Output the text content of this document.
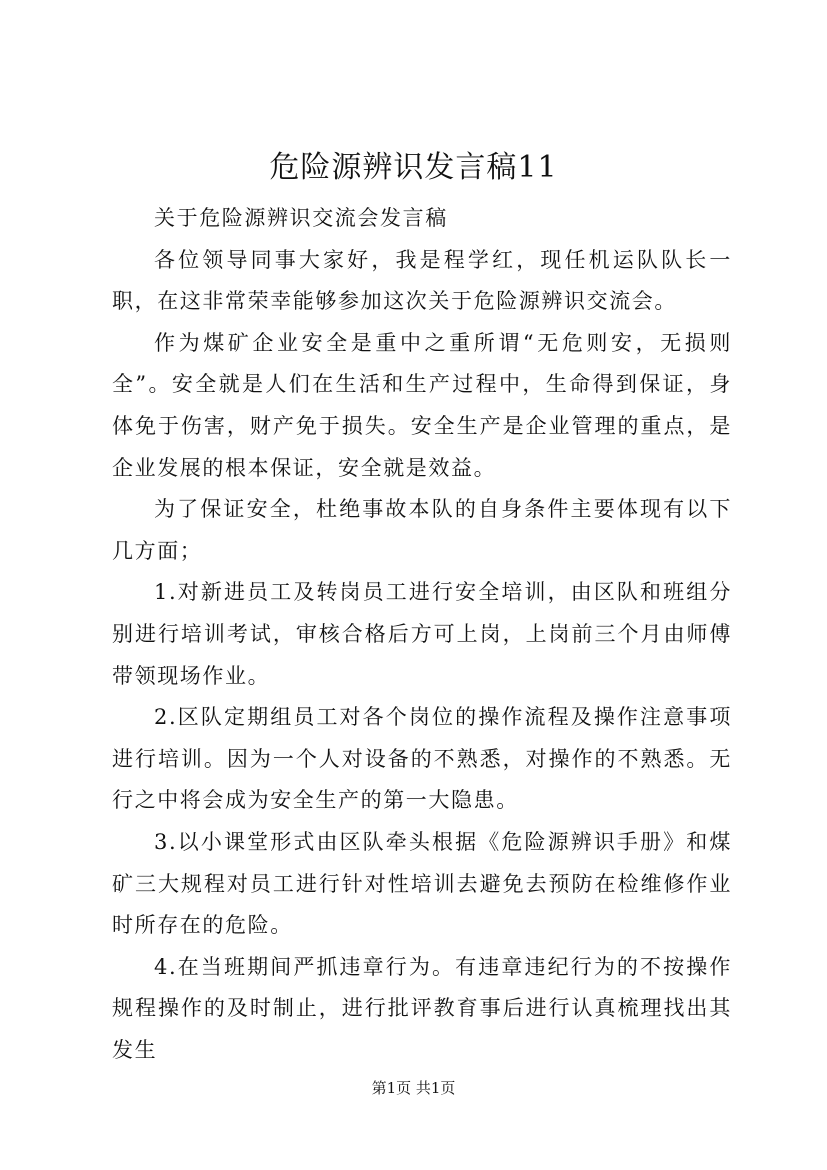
危险源辨识发言稿11

关于危险源辨识交流会发言稿

各位领导同事大家好，我是程学红，现任机运队队长一职，在这非常荣幸能够参加这次关于危险源辨识交流会。

作为煤矿企业安全是重中之重所谓“无危则安，无损则全”。安全就是人们在生活和生产过程中，生命得到保证，身体免于伤害，财产免于损失。安全生产是企业管理的重点，是企业发展的根本保证，安全就是效益。

为了保证安全，杜绝事故本队的自身条件主要体现有以下几方面；

1.对新进员工及转岗员工进行安全培训，由区队和班组分别进行培训考试，审核合格后方可上岗，上岗前三个月由师傅带领现场作业。

2.区队定期组员工对各个岗位的操作流程及操作注意事项进行培训。因为一个人对设备的不熟悉，对操作的不熟悉。无行之中将会成为安全生产的第一大隐患。

3.以小课堂形式由区队牵头根据《危险源辨识手册》和煤矿三大规程对员工进行针对性培训去避免去预防在检维修作业时所存在的危险。

4.在当班期间严抓违章行为。有违章违纪行为的不按操作规程操作的及时制止，进行批评教育事后进行认真梳理找出其发生

第1页 共1页
